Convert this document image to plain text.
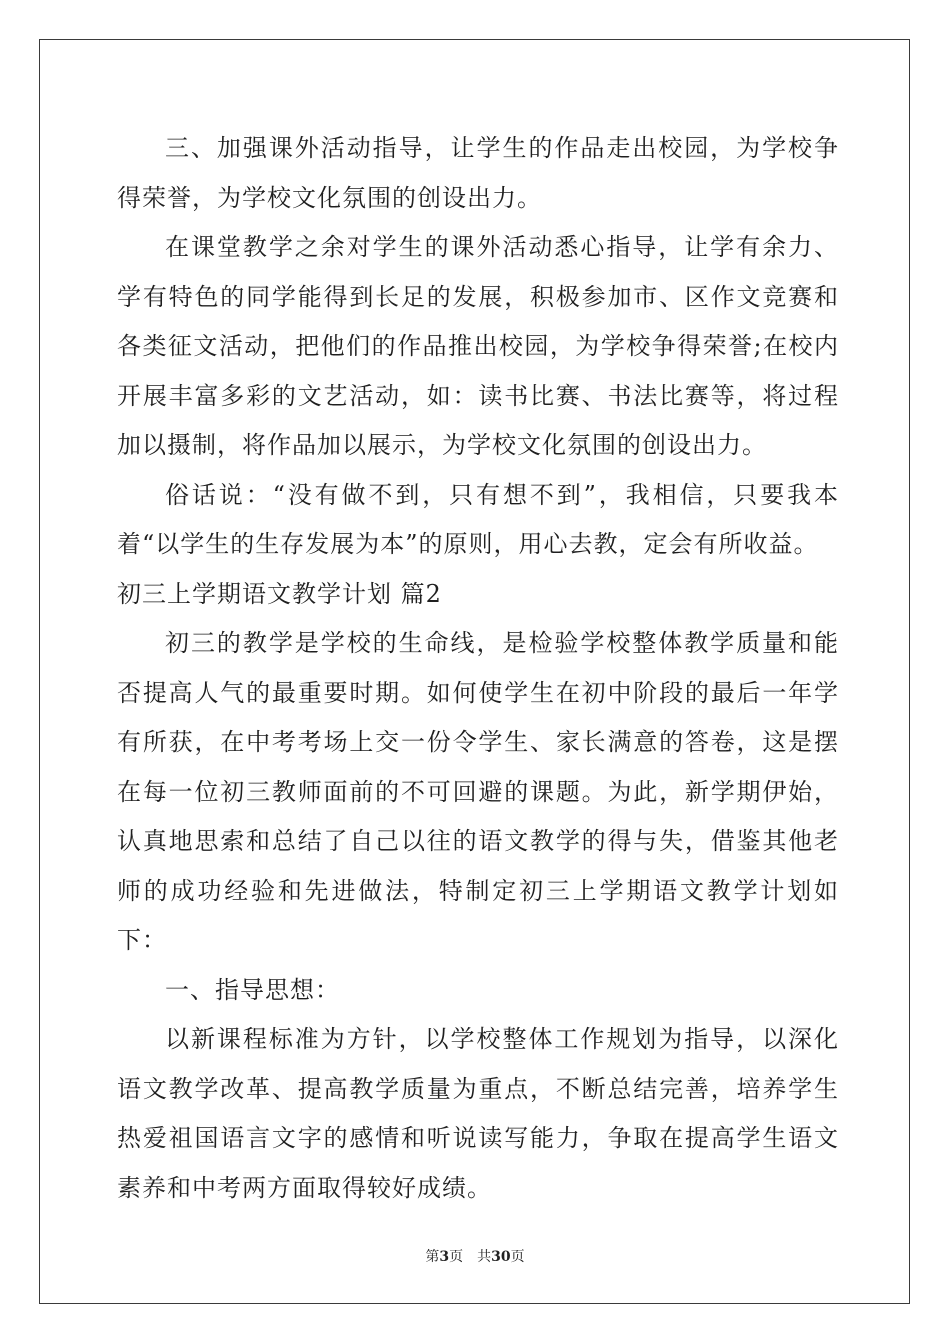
三、加强课外活动指导，让学生的作品走出校园，为学校争得荣誉，为学校文化氛围的创设出力。

在课堂教学之余对学生的课外活动悉心指导，让学有余力、学有特色的同学能得到长足的发展，积极参加市、区作文竞赛和各类征文活动，把他们的作品推出校园，为学校争得荣誉;在校内开展丰富多彩的文艺活动，如：读书比赛、书法比赛等，将过程加以摄制，将作品加以展示，为学校文化氛围的创设出力。

俗话说：“没有做不到，只有想不到”，我相信，只要我本着“以学生的生存发展为本”的原则，用心去教，定会有所收益。

初三上学期语文教学计划 篇2

初三的教学是学校的生命线，是检验学校整体教学质量和能否提高人气的最重要时期。如何使学生在初中阶段的最后一年学有所获，在中考考场上交一份令学生、家长满意的答卷，这是摆在每一位初三教师面前的不可回避的课题。为此，新学期伊始，认真地思索和总结了自己以往的语文教学的得与失，借鉴其他老师的成功经验和先进做法，特制定初三上学期语文教学计划如下：

一、指导思想：

以新课程标准为方针，以学校整体工作规划为指导，以深化语文教学改革、提高教学质量为重点，不断总结完善，培养学生热爱祖国语言文字的感情和听说读写能力，争取在提高学生语文素养和中考两方面取得较好成绩。

第3页　共30页
